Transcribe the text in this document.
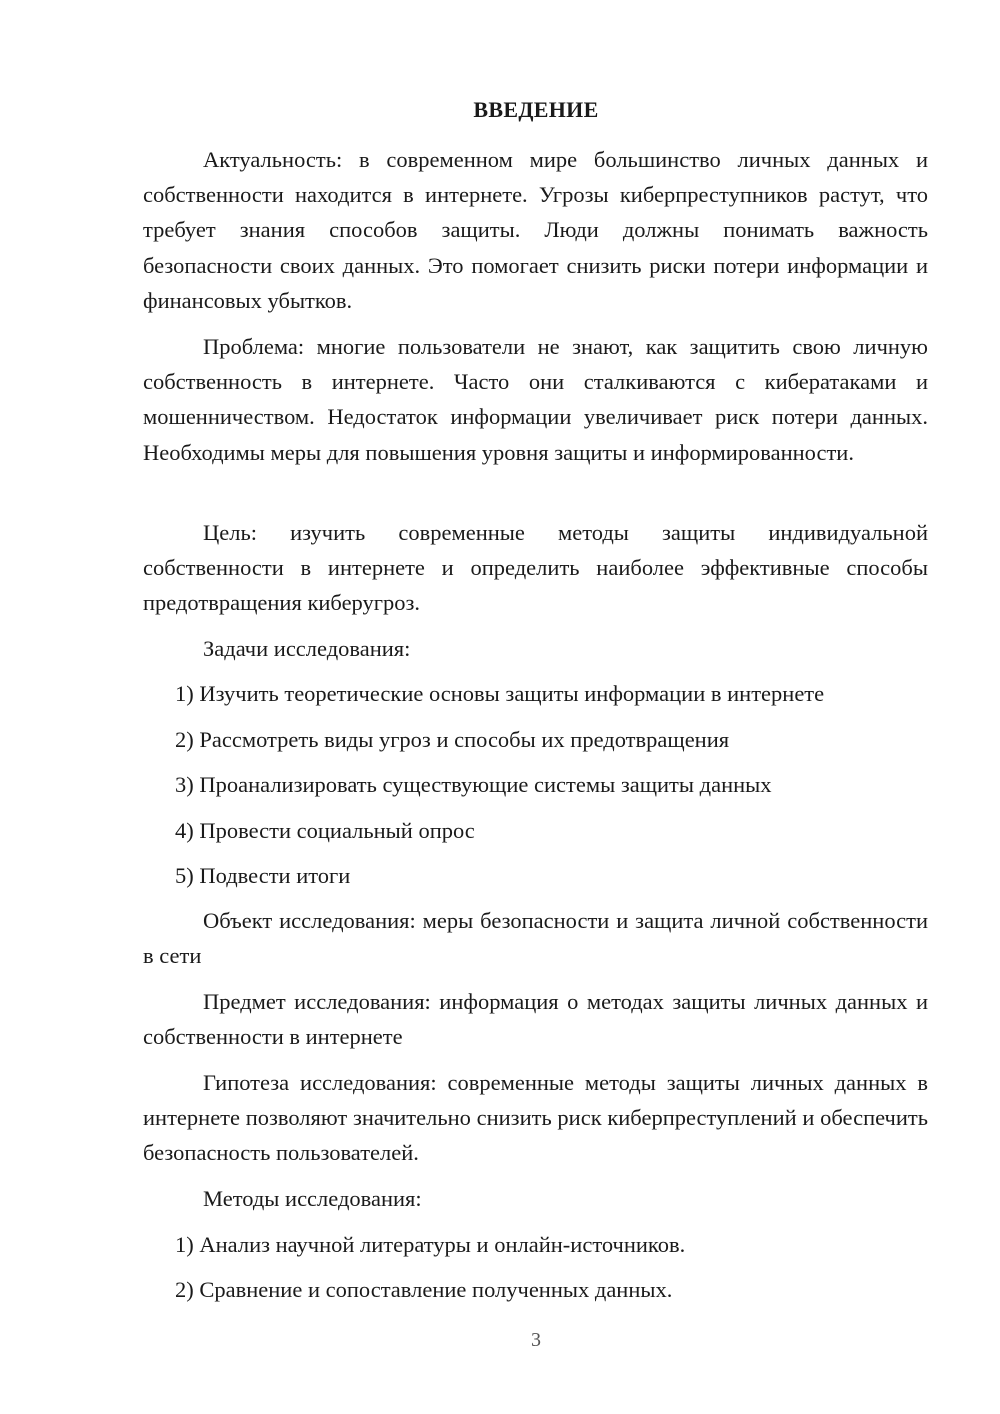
ВВЕДЕНИЕ

Актуальность: в современном мире большинство личных данных и собственности находится в интернете. Угрозы киберпреступников растут, что требует знания способов защиты. Люди должны понимать важность безопасности своих данных. Это помогает снизить риски потери информации и финансовых убытков.

Проблема: многие пользователи не знают, как защитить свою личную собственность в интернете. Часто они сталкиваются с кибератаками и мошенничеством. Недостаток информации увеличивает риск потери данных. Необходимы меры для повышения уровня защиты и информированности.

Цель: изучить современные методы защиты индивидуальной собственности в интернете и определить наиболее эффективные способы предотвращения киберугроз.

Задачи исследования:

1) Изучить теоретические основы защиты информации в интернете

2) Рассмотреть виды угроз и способы их предотвращения

3) Проанализировать существующие системы защиты данных

4) Провести социальный опрос

5) Подвести итоги

Объект исследования: меры безопасности и защита личной собственности в сети

Предмет исследования: информация о методах защиты личных данных и собственности в интернете

Гипотеза исследования: современные методы защиты личных данных в интернете позволяют значительно снизить риск киберпреступлений и обеспечить безопасность пользователей.

Методы исследования:

1) Анализ научной литературы и онлайн-источников.

2) Сравнение и сопоставление полученных данных.

3
